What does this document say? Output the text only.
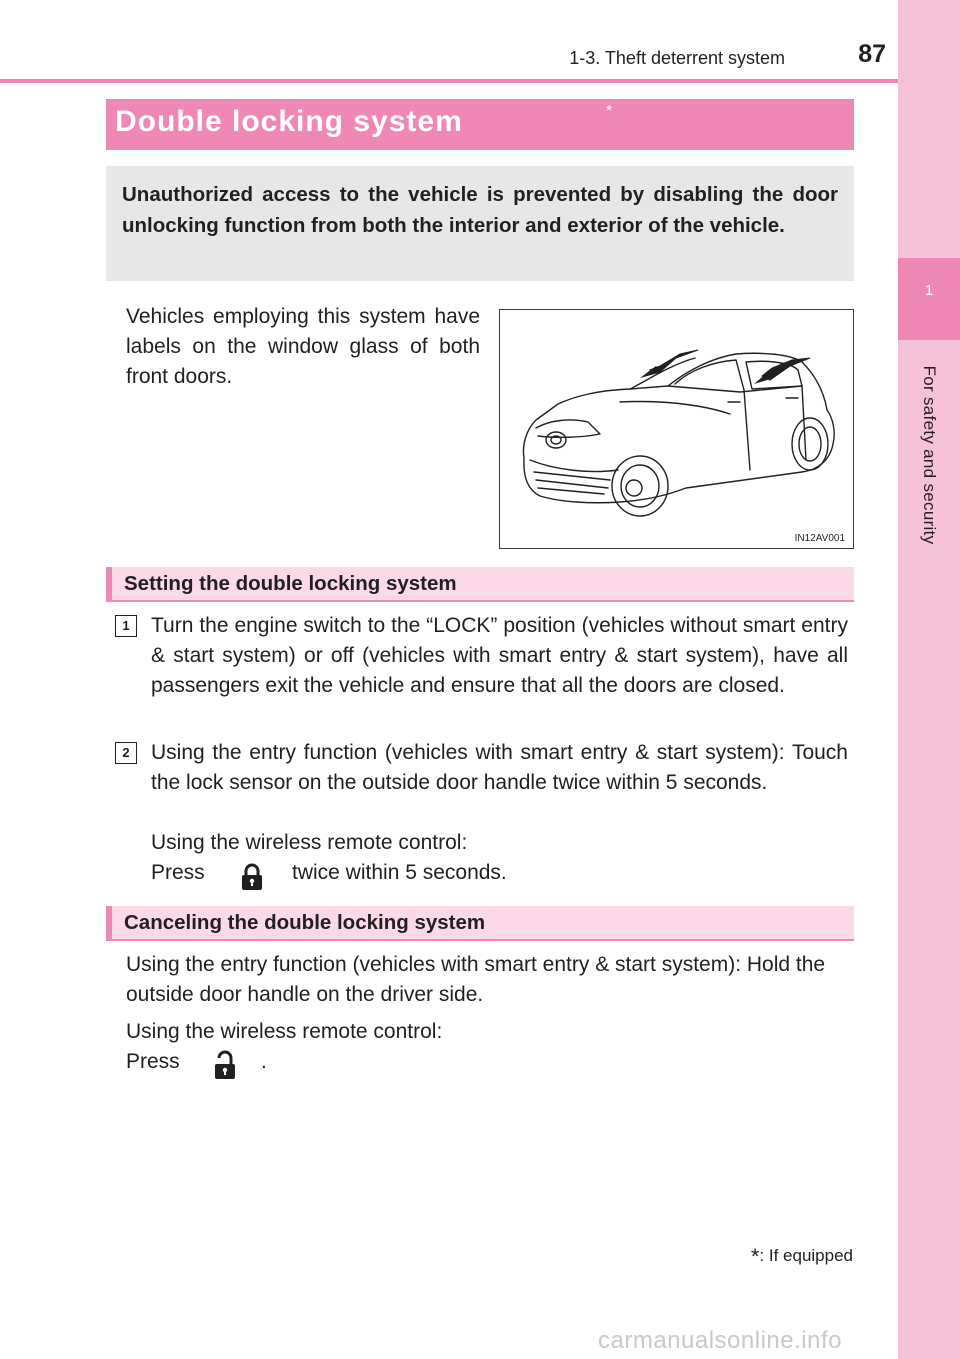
1
For safety and security
1-3. Theft deterrent system	87
Double locking system	*

Unauthorized access to the vehicle is prevented by disabling the door unlocking function from both the interior and exterior of the vehicle.

Vehicles employing this system have labels on the window glass of both front doors.

IN12AV001
Setting the double locking system
1	Turn the engine switch to the “LOCK” position (vehicles without smart entry & start system) or off (vehicles with smart entry & start system), have all passengers exit the vehicle and ensure that all the doors are closed.

2	Using the entry function (vehicles with smart entry & start system): Touch the lock sensor on the outside door handle twice within 5 seconds.

Using the wireless remote control:

Press	twice within 5 seconds.
Canceling the double locking system

Using the entry function (vehicles with smart entry & start system): Hold the outside door handle on the driver side.

Using the wireless remote control:

Press	.
*: If equipped
carmanualsonline.info
